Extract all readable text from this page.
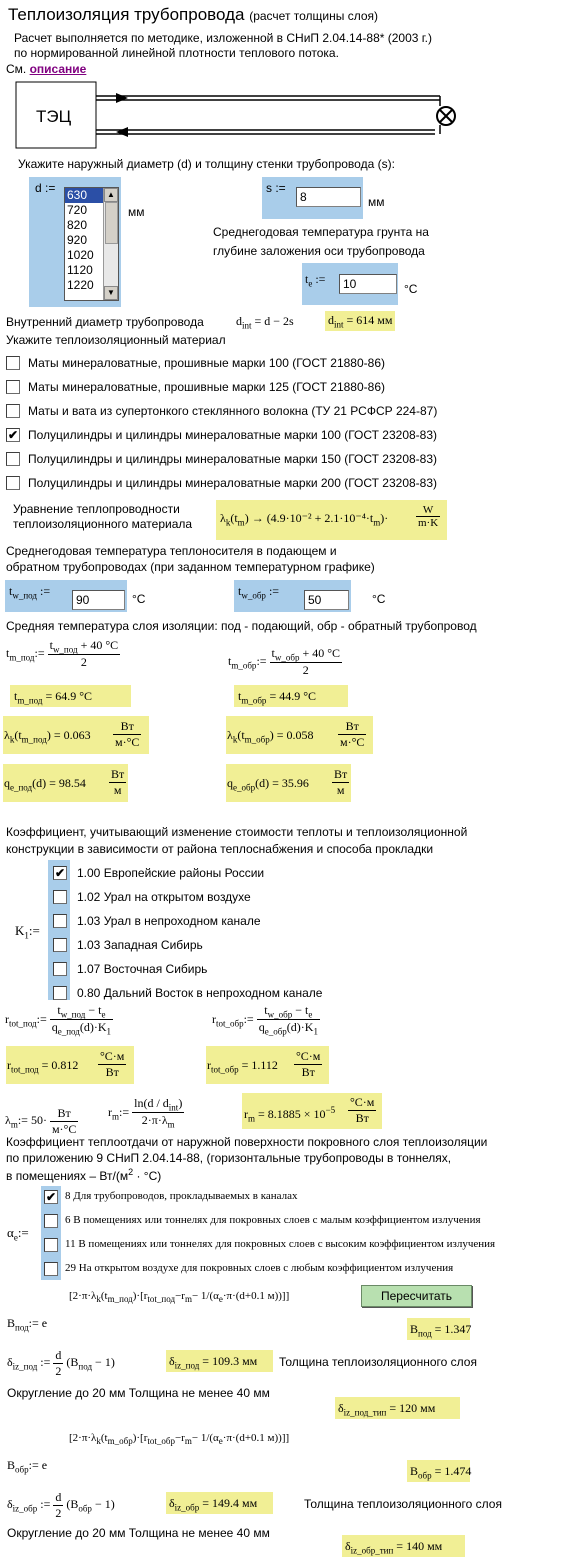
Теплоизоляция трубопровода (расчет толщины слоя)
Расчет выполняется по методике, изложенной в СНиП 2.04.14-88* (2003 г.)
по нормированной линейной плотности теплового потока.
См. описание
ТЭЦ
Укажите наружный диаметр (d) и толщину стенки трубопровода (s):
d := 630
720
820
920
1020
1120
1220
▲
▼
мм
s :=
8
мм
Среднегодовая температура грунта на
глубине заложения оси трубопровода
$t_e$ :=
10
°С
Внутренний диаметр трубопровода	$d_{int} = d - 2s$	$d_{int} = 614$ мм
Укажите теплоизоляционный материал
Маты минераловатные, прошивные марки 100 (ГОСТ 21880-86)
Маты минераловатные, прошивные марки 125 (ГОСТ 21880-86)
Маты и вата из супертонкого стеклянного волокна (ТУ 21 РСФСР 224-87)
✔ Полуцилиндры и цилиндры минераловатные марки 100 (ГОСТ 23208-83)
Полуцилиндры и цилиндры минераловатные марки 150 (ГОСТ 23208-83)
Полуцилиндры и цилиндры минераловатные марки 200 (ГОСТ 23208-83)
Уравнение теплопроводности
теплоизоляционного материала $\lambda_k(t_m) \to (4.9\cdot 10^{-2} + 2.1\cdot 10^{-4}\cdot t_m)\cdot$	$\frac{W}{m\cdot K}$
Среднегодовая температура теплоносителя в подающем и
обратном трубопроводах (при заданном температурном графике)
$t_{w\_под}$ :=
90
°C
$t_{w\_обр}$ :=
50
°C
Средняя температура слоя изоляции: под - подающий, обр - обратный трубопровод
$t_{m\_под}:= \frac{t_{w\_под} + 40 ^\circ C}{2}$	$t_{m\_обр}:= \frac{t_{w\_обр} + 40 ^\circ C}{2}$
$t_{m\_под} = 64.9$ °C	$t_{m\_обр} = 44.9$ °C
$\lambda_k(t_{m\_под}) = 0.063$
Вт
м·°С	$\lambda_k(t_{m\_обр}) = 0.058$
Вт
м·°С
$q_{e\_под}(d) = 98.54$
Вт
м	$q_{e\_обр}(d) = 35.96$
Вт
м
Коэффициент, учитывающий изменение стоимости теплоты и теплоизоляционной
конструкции в зависимости от района теплоснабжения и способа прокладки
$K_1:=$
✔ 1.00 Европейские районы России
1.02 Урал на открытом воздухе
1.03 Урал в непроходном канале
1.03 Западная Сибирь
1.07 Восточная Сибирь
0.80 Дальний Восток в непроходном канале
$r_{tot\_под}:= \frac{t_{w\_под} - t_e}{q_{e\_под}(d)\cdot K_1}$	$r_{tot\_обр}:= \frac{t_{w\_обр} - t_e}{q_{e\_обр}(d)\cdot K_1}$
$r_{tot\_под} = 0.812$
°C·м
Вт	$r_{tot\_обр} = 1.112$
°C·м
Вт
$\lambda_m:= 50\cdot \frac{Вт}{м\cdot^\circ С}$ $r_m:= \frac{\ln(d / d_{int})}{2\cdot\pi\cdot\lambda_m}$	$r_m = 8.1885 \times 10^{-5}$
°C·м
Вт
Коэффициент теплоотдачи от наружной поверхности покровного слоя теплоизоляции
по приложению 9 СНиП 2.04.14-88, (горизонтальные трубопроводы в тоннелях,
в помещениях – $Вт/(м^2 \cdot ^\circ С)$
$\alpha_e:=$
✔ 8 Для трубопроводов, прокладываемых в каналах
6 В помещениях или тоннелях для покровных слоев с малым коэффициентом излучения
11 В помещениях или тоннелях для покровных слоев с высоким коэффициентом излучения
29 На открытом воздухе для покровных слоев с любым коэффициентом излучения
$B_{под}:= e$
[$2\cdot\pi\cdot\lambda_k(t_{m\_под})\cdot[r_{tot\_под}-r_m- 1/(\alpha_e\cdot\pi\cdot(d+0.1$ м))]]	Пересчитать
$B_{под} = 1.347$
$\delta_{iz\_под}$ := $\frac{d}{2} (B_{под} - 1)$	$\delta_{iz\_под} = 109.3$ мм	Толщина теплоизоляционного слоя
Округление до 20 мм Толщина не менее 40 мм
$\delta_{iz\_под\_тип} = 120$ мм
$B_{обр}:= e$
[$2\cdot\pi\cdot\lambda_k(t_{m\_обр})\cdot[r_{tot\_обр}-r_m- 1/(\alpha_e\cdot\pi\cdot(d+0.1$ м))]]
$B_{обр} = 1.474$
$\delta_{iz\_обр}$ := $\frac{d}{2} (B_{обр} - 1)$	$\delta_{iz\_обр} = 149.4$ мм	Толщина теплоизоляционного слоя
Округление до 20 мм Толщина не менее 40 мм
$\delta_{iz\_обр\_тип} = 140$ мм
